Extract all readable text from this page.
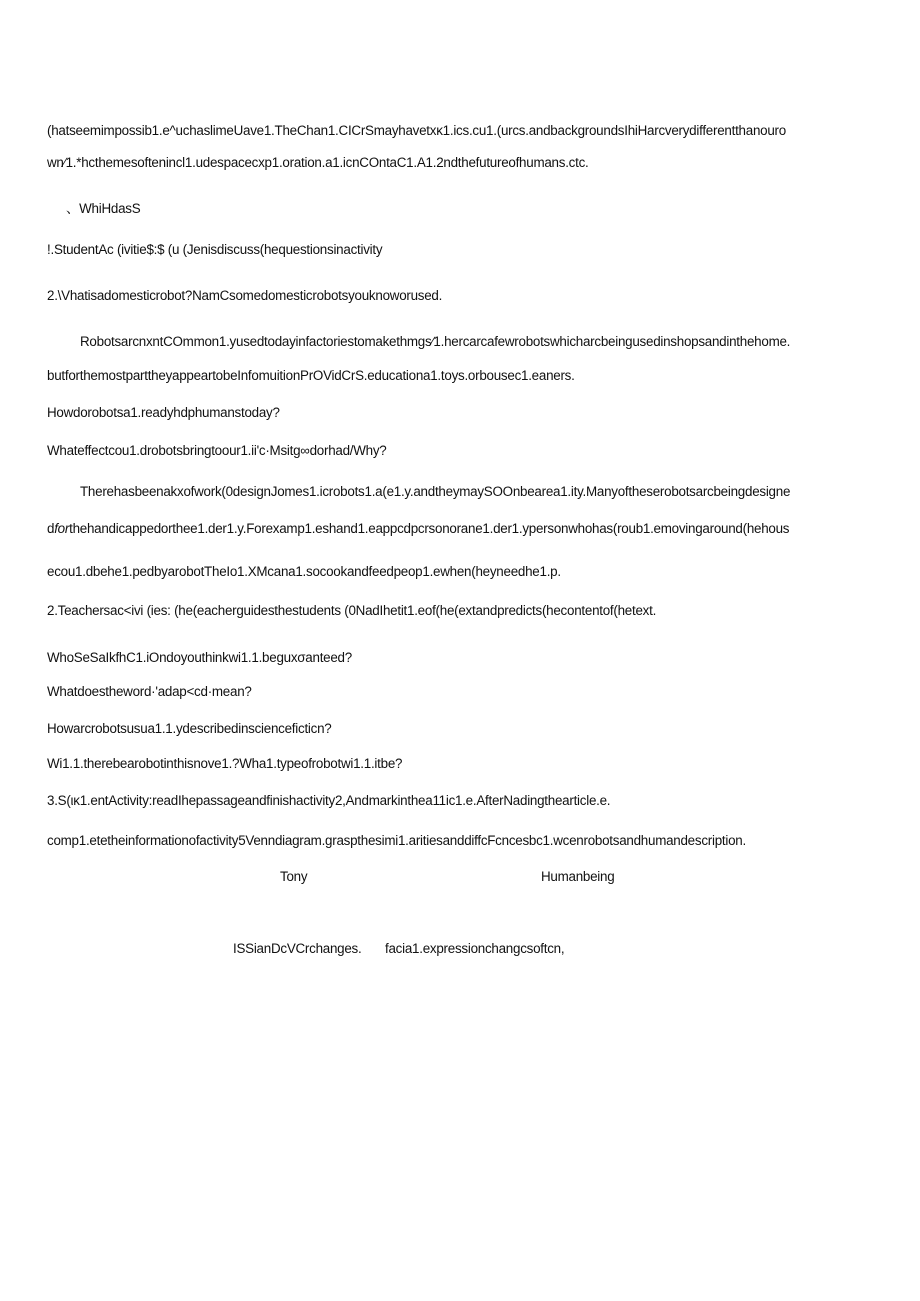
(hatseemimpossib1.e^uchaslimeUave1.TheChan1.CICrSmayhavetxκ1.ics.cu1.(urcs.andbackgroundsIhiHarcverydifferentthanouro
wn∕1.*hcthemesoftenincl1.udespacecxp1.oration.a1.icnCOntaC1.A1.2ndthefutureofhumans.ctc.
、WhiHdasS
!.StudentAc (ivitie$:$ (u (Jenisdiscuss(hequestionsinactivity
2.\Vhatisadomesticrobot?NamCsomedomesticrobotsyouknoworused.
RobotsarcnxntCOmmon1.yusedtodayinfactoriestomakethmgs∕1.hercarcafewrobotswhicharcbeingusedinshopsandinthehome.
butforthemostparttheyappeartobeInfomuitionPrOVidCrS.educationa1.toys.orbousec1.eaners.
Howdorobotsa1.readyhdphumanstoday?
Whateffectcou1.drobotsbringtoour1.ii'c·Msitg∞dorhad/Why?
Therehasbeenakxofwork(0designJomes1.icrobots1.a(e1.y.andtheymaySOOnbearea1.ity.Manyoftheserobotsarcbeingdesigne
dforthehandicappedorthee1.der1.y.Forexamp1.eshand1.eappcdpcrsonorane1.der1.ypersonwhohas(roub1.emovingaround(hehous
ecou1.dbehe1.pedbyarobotTheIo1.XMcana1.socookandfeedpeop1.ewhen(heyneedhe1.p.
2.Teachersac<ivi (ies: (he(eacherguidesthestudents (0NadIhetit1.eof(he(extandpredicts(hecontentof(hetext.
WhoSeSaIkfhC1.iOndoyouthinkwi1.1.beguxσanteed?
Whatdoestheword·'adap<cd·mean?
Howarcrobotsusua1.1.ydescribedinscienceficticn?
Wi1.1.therebearobotinthisnove1.?Wha1.typeofrobotwi1.1.itbe?
3.S(ικ1.entActivity:readIhepassageandfinishactivity2,Andmarkinthea11ic1.e.AfterNadingthearticle.e.
comp1.etetheinformationofactivity5Venndiagram.graspthesimi1.aritiesanddiffcFcncesbc1.wcenrobotsandhumandescription.
Tony	Humanbeing
ISSianDcVCrchanges. facia1.expressionchangcsoftcn,
